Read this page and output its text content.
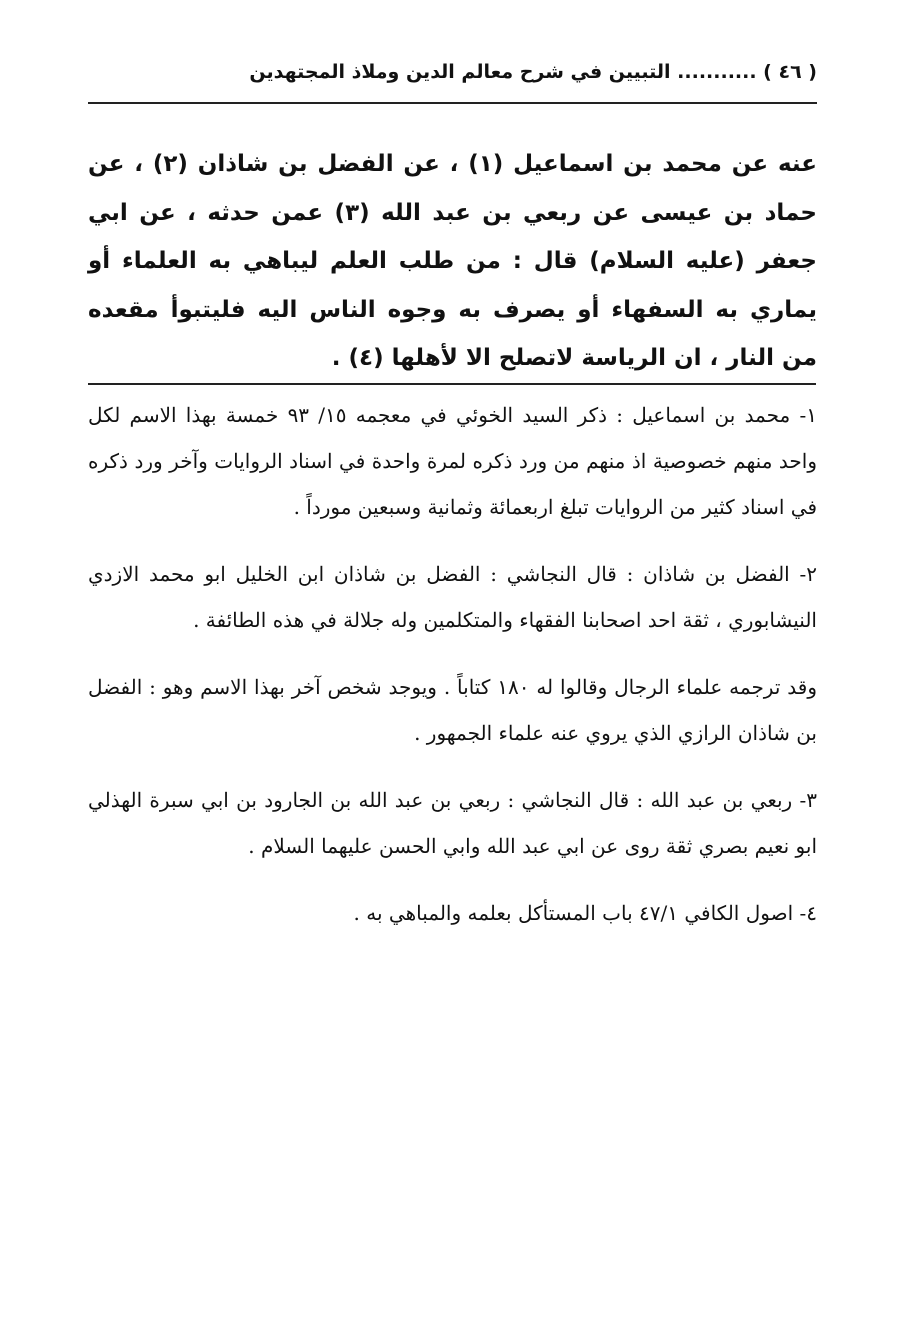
( ٤٦ ) ........... التبيين في شرح معالم الدين وملاذ المجتهدين
عنه عن محمد بن اسماعيل (١) ، عن الفضل بن شاذان (٢) ، عن حماد بن عيسى عن ربعي بن عبد الله (٣) عمن حدثه ، عن ابي جعفر (عليه السلام) قال : من طلب العلم ليباهي به العلماء أو يماري به السفهاء أو يصرف به وجوه الناس اليه فليتبوأ مقعده من النار ، ان الرياسة لاتصلح الا لأهلها (٤) .

١- محمد بن اسماعيل : ذكر السيد الخوئي في معجمه ١٥/ ٩٣ خمسة بهذا الاسم لكل واحد منهم خصوصية اذ منهم من ورد ذكره لمرة واحدة في اسناد الروايات وآخر ورد ذكره في اسناد كثير من الروايات تبلغ اربعمائة وثمانية وسبعين مورداً .

٢- الفضل بن شاذان : قال النجاشي : الفضل بن شاذان ابن الخليل ابو محمد الازدي النيشابوري ، ثقة احد اصحابنا الفقهاء والمتكلمين وله جلالة في هذه الطائفة .

وقد ترجمه علماء الرجال وقالوا له ١٨٠ كتاباً . ويوجد شخص آخر بهذا الاسم وهو : الفضل بن شاذان الرازي الذي يروي عنه علماء الجمهور .

٣- ربعي بن عبد الله : قال النجاشي : ربعي بن عبد الله بن الجارود بن ابي سبرة الهذلي ابو نعيم بصري ثقة روى عن ابي عبد الله وابي الحسن عليهما السلام .

٤- اصول الكافي ٤٧/١ باب المستأكل بعلمه والمباهي به .
